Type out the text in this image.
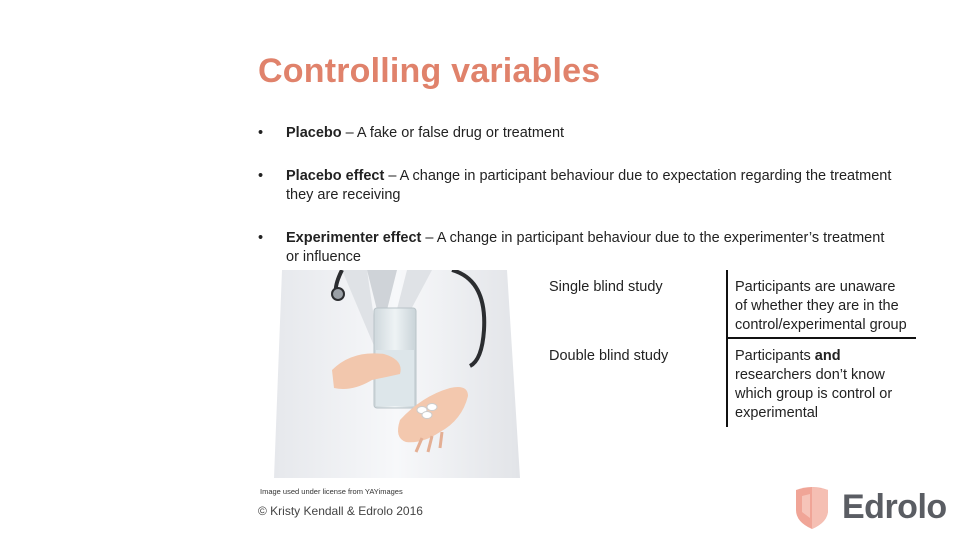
Controlling variables
• Placebo – A fake or false drug or treatment
• Placebo effect – A change in participant behaviour due to expectation regarding the treatment they are receiving
• Experimenter effect – A change in participant behaviour due to the experimenter’s treatment or influence
Single blind study	Participants are unaware of whether they are in the control/experimental group
Double blind study	Participants and researchers don’t know which group is control or experimental
Image used under license from YAYimages
© Kristy Kendall & Edrolo 2016	Edrolo
